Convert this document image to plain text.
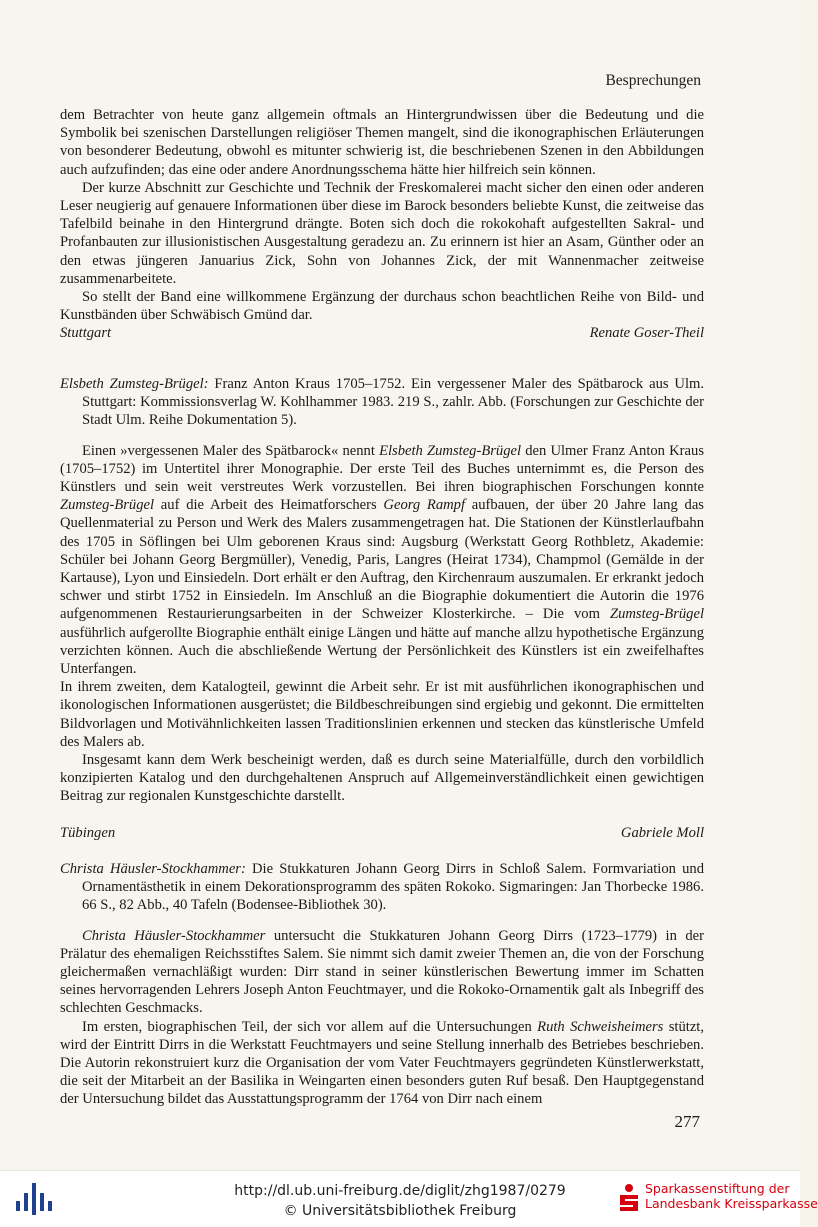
Besprechungen

dem Betrachter von heute ganz allgemein oftmals an Hintergrundwissen über die Bedeutung und die Symbolik bei szenischen Darstellungen religiöser Themen mangelt, sind die ikonographischen Erläuterungen von besonderer Bedeutung, obwohl es mitunter schwierig ist, die beschriebenen Szenen in den Abbildungen auch aufzufinden; das eine oder andere Anordnungsschema hätte hier hilfreich sein können.

Der kurze Abschnitt zur Geschichte und Technik der Freskomalerei macht sicher den einen oder anderen Leser neugierig auf genauere Informationen über diese im Barock besonders beliebte Kunst, die zeitweise das Tafelbild beinahe in den Hintergrund drängte. Boten sich doch die rokokohaft aufgestellten Sakral- und Profanbauten zur illusionistischen Ausgestaltung geradezu an. Zu erinnern ist hier an Asam, Günther oder an den etwas jüngeren Januarius Zick, Sohn von Johannes Zick, der mit Wannenmacher zeitweise zusammenarbeitete.

So stellt der Band eine willkommene Ergänzung der durchaus schon beachtlichen Reihe von Bild- und Kunstbänden über Schwäbisch Gmünd dar.

Stuttgart	Renate Goser-Theil

Elsbeth Zumsteg-Brügel: Franz Anton Kraus 1705–1752. Ein vergessener Maler des Spätbarock aus Ulm. Stuttgart: Kommissionsverlag W. Kohlhammer 1983. 219 S., zahlr. Abb. (Forschungen zur Geschichte der Stadt Ulm. Reihe Dokumentation 5).

Einen »vergessenen Maler des Spätbarock« nennt Elsbeth Zumsteg-Brügel den Ulmer Franz Anton Kraus (1705–1752) im Untertitel ihrer Monographie. Der erste Teil des Buches unternimmt es, die Person des Künstlers und sein weit verstreutes Werk vorzustellen. Bei ihren biographischen Forschungen konnte Zumsteg-Brügel auf die Arbeit des Heimatforschers Georg Rampf aufbauen, der über 20 Jahre lang das Quellenmaterial zu Person und Werk des Malers zusammengetragen hat. Die Stationen der Künstlerlaufbahn des 1705 in Söflingen bei Ulm geborenen Kraus sind: Augsburg (Werkstatt Georg Rothbletz, Akademie: Schüler bei Johann Georg Bergmüller), Venedig, Paris, Langres (Heirat 1734), Champmol (Gemälde in der Kartause), Lyon und Einsiedeln. Dort erhält er den Auftrag, den Kirchenraum auszumalen. Er erkrankt jedoch schwer und stirbt 1752 in Einsiedeln. Im Anschluß an die Biographie dokumentiert die Autorin die 1976 aufgenommenen Restaurierungsarbeiten in der Schweizer Klosterkirche. – Die vom Zumsteg-Brügel ausführlich aufgerollte Biographie enthält einige Längen und hätte auf manche allzu hypothetische Ergänzung verzichten können. Auch die abschließende Wertung der Persönlichkeit des Künstlers ist ein zweifelhaftes Unterfangen.

In ihrem zweiten, dem Katalogteil, gewinnt die Arbeit sehr. Er ist mit ausführlichen ikonographischen und ikonologischen Informationen ausgerüstet; die Bildbeschreibungen sind ergiebig und gekonnt. Die ermittelten Bildvorlagen und Motivähnlichkeiten lassen Traditionslinien erkennen und stecken das künstlerische Umfeld des Malers ab.

Insgesamt kann dem Werk bescheinigt werden, daß es durch seine Materialfülle, durch den vorbildlich konzipierten Katalog und den durchgehaltenen Anspruch auf Allgemeinverständlichkeit einen gewichtigen Beitrag zur regionalen Kunstgeschichte darstellt.

Tübingen	Gabriele Moll

Christa Häusler-Stockhammer: Die Stukkaturen Johann Georg Dirrs in Schloß Salem. Formvariation und Ornamentästhetik in einem Dekorationsprogramm des späten Rokoko. Sigmaringen: Jan Thorbecke 1986. 66 S., 82 Abb., 40 Tafeln (Bodensee-Bibliothek 30).

Christa Häusler-Stockhammer untersucht die Stukkaturen Johann Georg Dirrs (1723–1779) in der Prälatur des ehemaligen Reichsstiftes Salem. Sie nimmt sich damit zweier Themen an, die von der Forschung gleichermaßen vernachläßigt wurden: Dirr stand in seiner künstlerischen Bewertung immer im Schatten seines hervorragenden Lehrers Joseph Anton Feuchtmayer, und die Rokoko-Ornamentik galt als Inbegriff des schlechten Geschmacks.

Im ersten, biographischen Teil, der sich vor allem auf die Untersuchungen Ruth Schweisheimers stützt, wird der Eintritt Dirrs in die Werkstatt Feuchtmayers und seine Stellung innerhalb des Betriebes beschrieben. Die Autorin rekonstruiert kurz die Organisation der vom Vater Feuchtmayers gegründeten Künstlerwerkstatt, die seit der Mitarbeit an der Basilika in Weingarten einen besonders guten Ruf besaß. Den Hauptgegenstand der Untersuchung bildet das Ausstattungsprogramm der 1764 von Dirr nach einem

277
http://dl.ub.uni-freiburg.de/diglit/zhg1987/0279
© Universitätsbibliothek Freiburg
Sparkassenstiftung der
Landesbank Kreissparkasse
